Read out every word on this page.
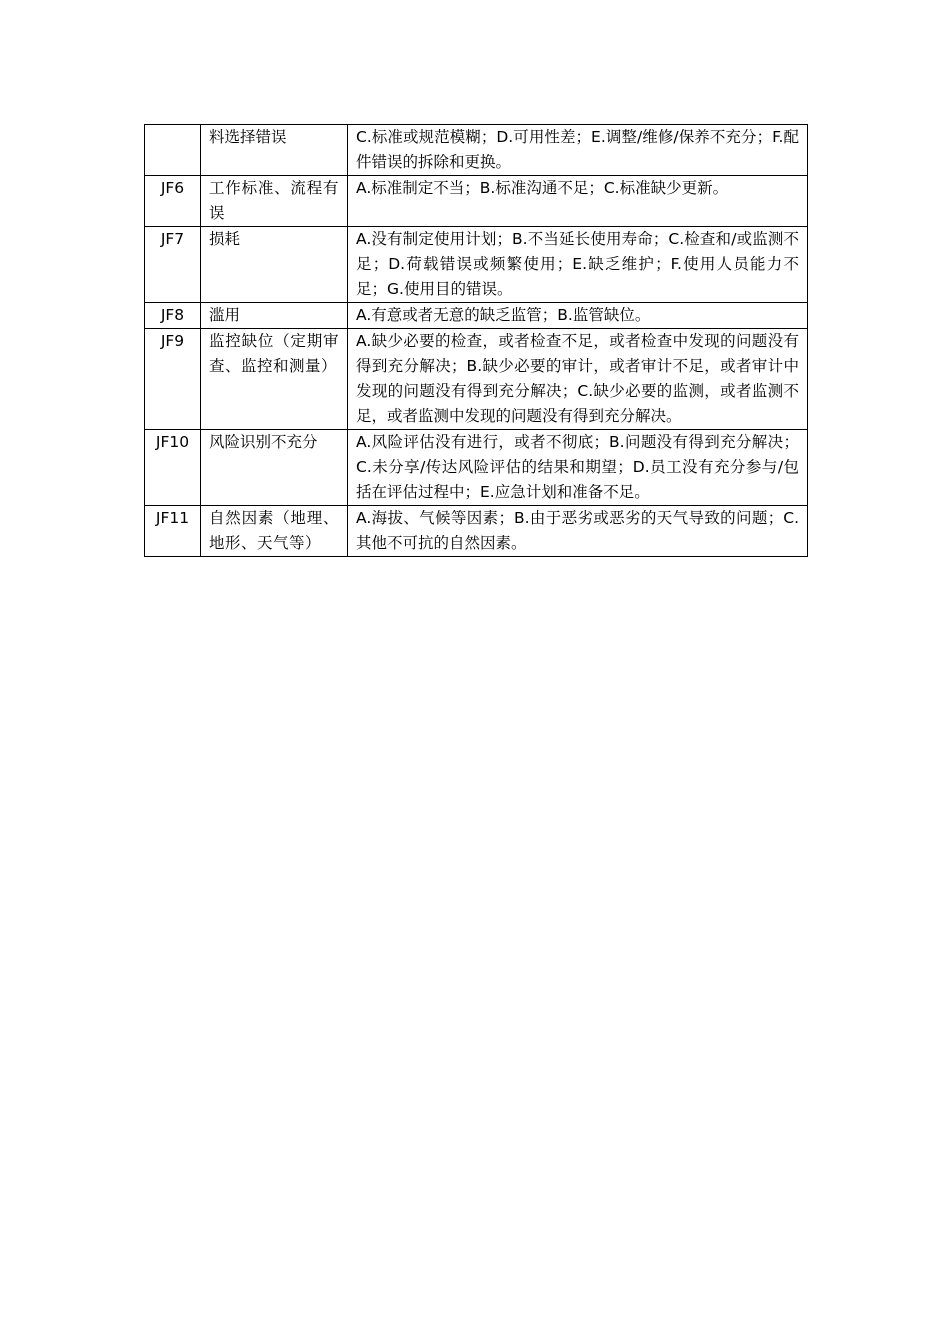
	料选择错误	C.标准或规范模糊；D.可用性差；E.调整/维修/保养不充分；F.配件错误的拆除和更换。
JF6	工作标准、流程有误	A.标准制定不当；B.标准沟通不足；C.标准缺少更新。
JF7	损耗	A.没有制定使用计划；B.不当延长使用寿命；C.检查和/或监测不足；D.荷载错误或频繁使用；E.缺乏维护；F.使用人员能力不足；G.使用目的错误。
JF8	滥用	A.有意或者无意的缺乏监管；B.监管缺位。
JF9	监控缺位（定期审查、监控和测量）	A.缺少必要的检查，或者检查不足，或者检查中发现的问题没有得到充分解决；B.缺少必要的审计，或者审计不足，或者审计中发现的问题没有得到充分解决；C.缺少必要的监测，或者监测不足，或者监测中发现的问题没有得到充分解决。
JF10	风险识别不充分	A.风险评估没有进行，或者不彻底；B.问题没有得到充分解决；C.未分享/传达风险评估的结果和期望；D.员工没有充分参与/包括在评估过程中；E.应急计划和准备不足。
JF11	自然因素（地理、地形、天气等）	A.海拔、气候等因素；B.由于恶劣或恶劣的天气导致的问题；C.其他不可抗的自然因素。
